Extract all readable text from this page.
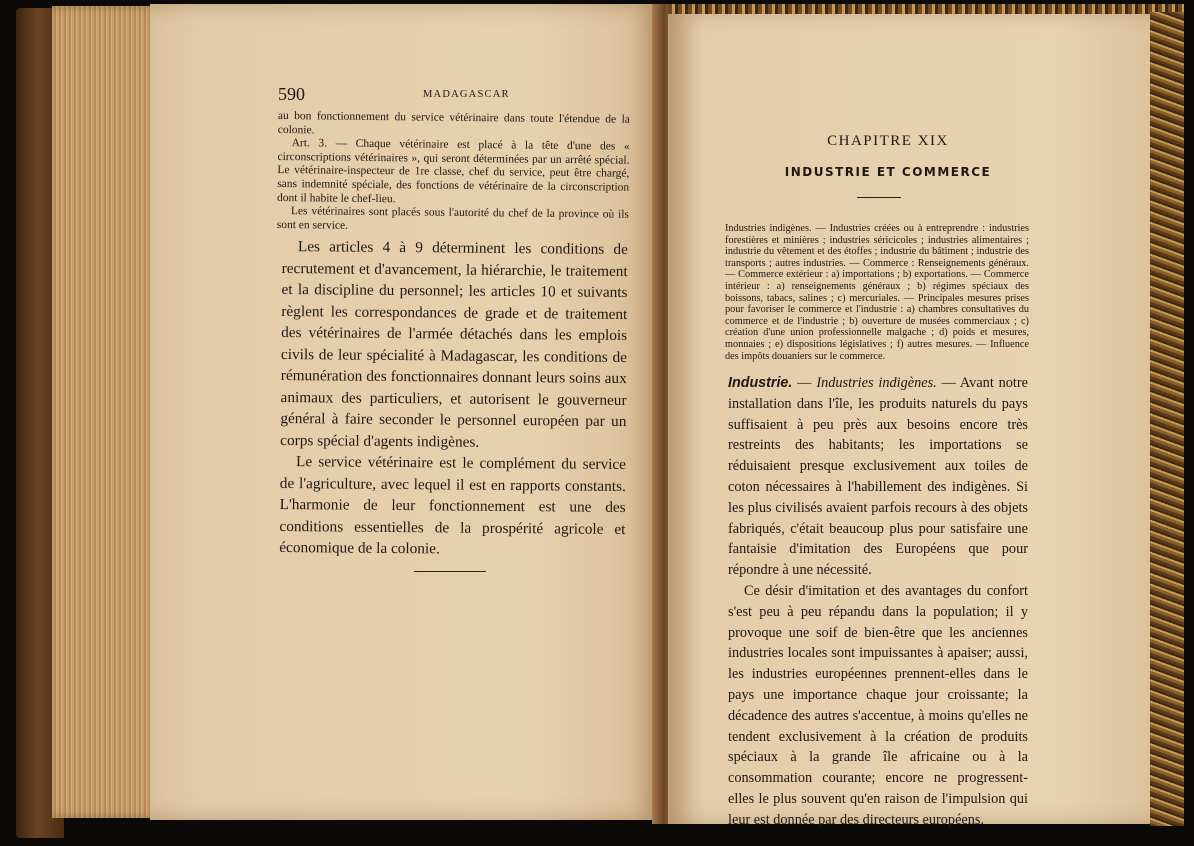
590	MADAGASCAR

au bon fonctionnement du service vétérinaire dans toute l'étendue de la colonie.

Art. 3. — Chaque vétérinaire est placé à la tête d'une des « circonscriptions vétérinaires », qui seront déterminées par un arrêté spécial. Le vétérinaire-inspecteur de 1re classe, chef du service, peut être chargé, sans indemnité spéciale, des fonctions de vétérinaire de la circonscription dont il habite le chef-lieu.

Les vétérinaires sont placés sous l'autorité du chef de la province où ils sont en service.

Les articles 4 à 9 déterminent les conditions de recrutement et d'avancement, la hiérarchie, le traitement et la discipline du personnel; les articles 10 et suivants règlent les correspondances de grade et de traitement des vétérinaires de l'armée détachés dans les emplois civils de leur spécialité à Madagascar, les conditions de rémunération des fonctionnaires donnant leurs soins aux animaux des particuliers, et autorisent le gouverneur général à faire seconder le personnel européen par un corps spécial d'agents indigènes.

Le service vétérinaire est le complément du service de l'agriculture, avec lequel il est en rapports constants. L'harmonie de leur fonctionnement est une des conditions essentielles de la prospérité agricole et économique de la colonie.

CHAPITRE XIX
INDUSTRIE ET COMMERCE
Industries indigènes. — Industries créées ou à entreprendre : industries forestières et minières ; industries séricicoles ; industries alimentaires ; industrie du vêtement et des étoffes ; industrie du bâtiment ; industrie des transports ; autres industries. — Commerce : Renseignements généraux. — Commerce extérieur : a) importations ; b) exportations. — Commerce intérieur : a) renseignements généraux ; b) régimes spéciaux des boissons, tabacs, salines ; c) mercuriales. — Principales mesures prises pour favoriser le commerce et l'industrie : a) chambres consultatives du commerce et de l'industrie ; b) ouverture de musées commerciaux ; c) création d'une union professionnelle malgache ; d) poids et mesures, monnaies ; e) dispositions législatives ; f) autres mesures. — Influence des impôts douaniers sur le commerce.

Industrie. — Industries indigènes. — Avant notre installation dans l'île, les produits naturels du pays suffisaient à peu près aux besoins encore très restreints des habitants; les importations se réduisaient presque exclusivement aux toiles de coton nécessaires à l'habillement des indigènes. Si les plus civilisés avaient parfois recours à des objets fabriqués, c'était beaucoup plus pour satisfaire une fantaisie d'imitation des Européens que pour répondre à une nécessité.

Ce désir d'imitation et des avantages du confort s'est peu à peu répandu dans la population; il y provoque une soif de bien-être que les anciennes industries locales sont impuissantes à apaiser; aussi, les industries européennes prennent-elles dans le pays une importance chaque jour croissante; la décadence des autres s'accentue, à moins qu'elles ne tendent exclusivement à la création de produits spéciaux à la grande île africaine ou à la consommation courante; encore ne progressent-elles le plus souvent qu'en raison de l'impulsion qui leur est donnée par des directeurs européens.
